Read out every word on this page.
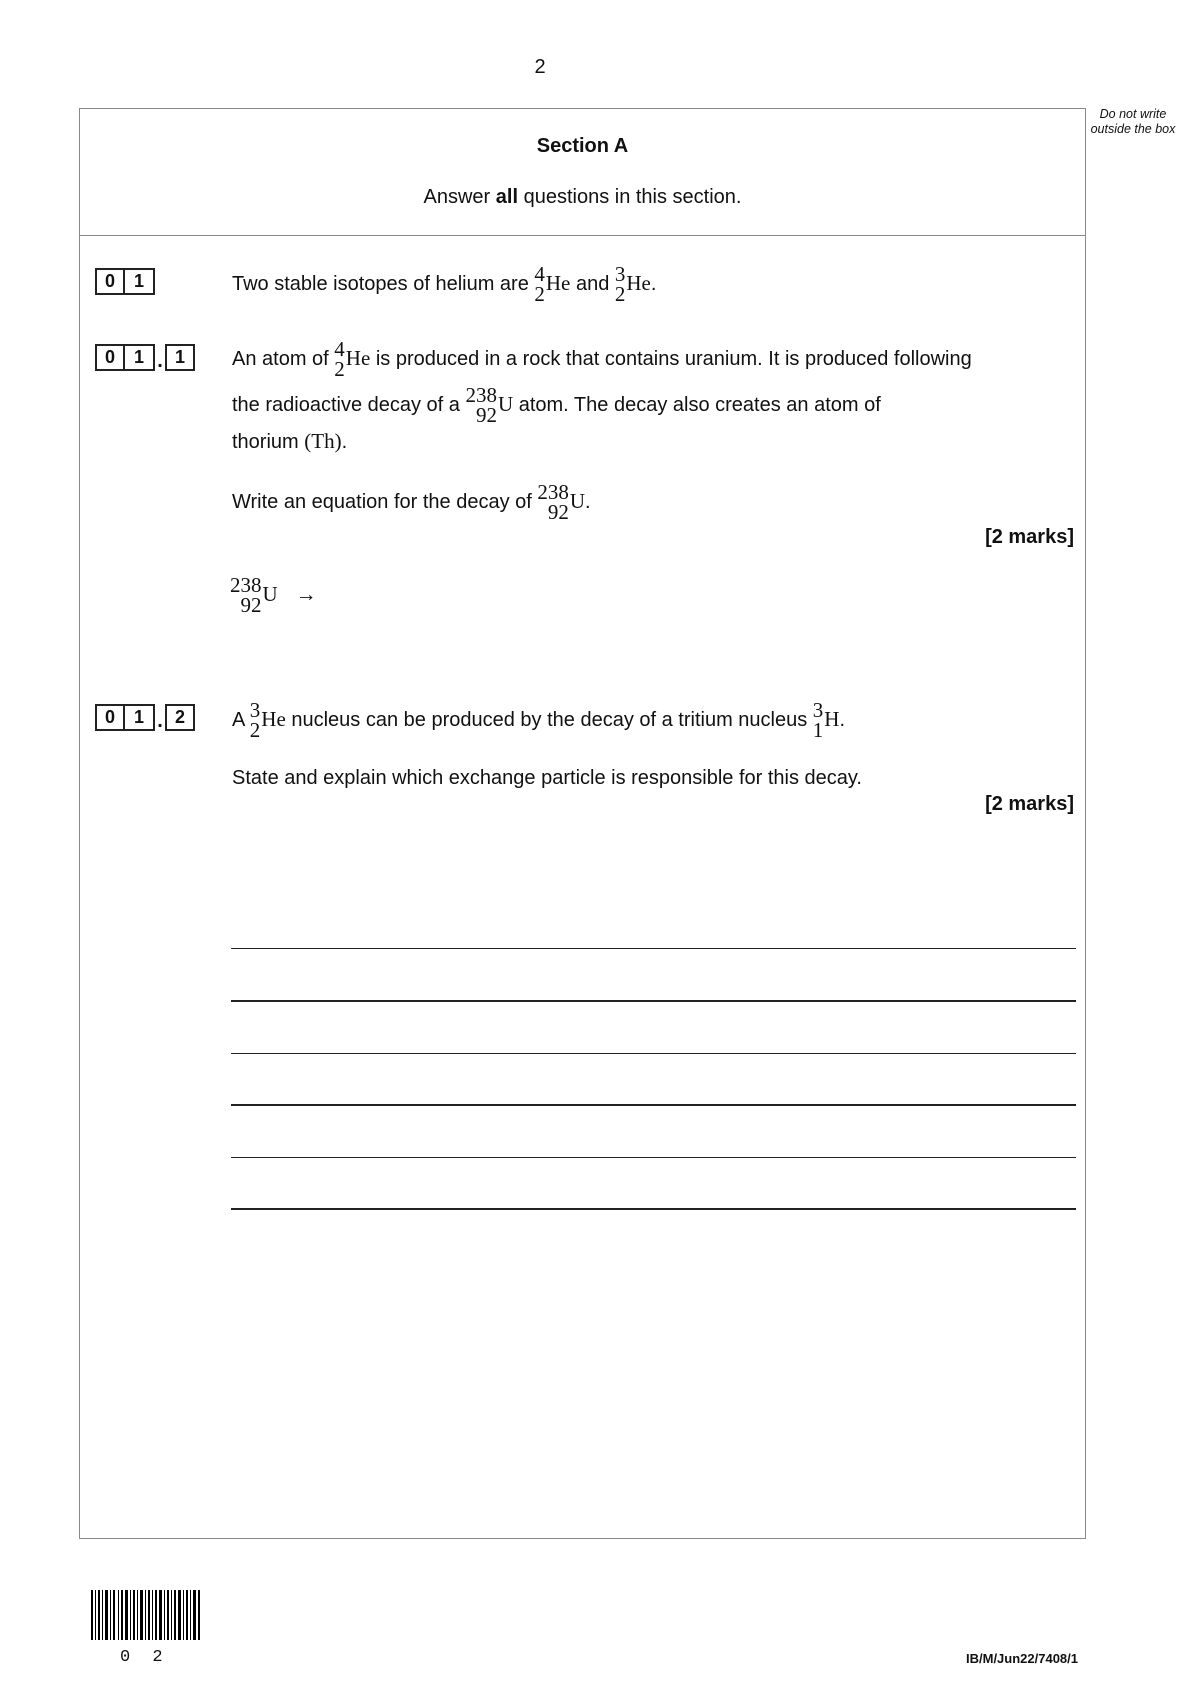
2
Do not write outside the box
Section A
Answer all questions in this section.
0	1	Two stable isotopes of helium are 4
2 He and 3
2 He.
0	1 . 1	An atom of 4
2 He is produced in a rock that contains uranium. It is produced following
the radioactive decay of a 238
92 U atom. The decay also creates an atom of
thorium (Th).
Write an equation for the decay of 238
92 U.
[2 marks]
238
92 U →
0	1 . 2	A 3
2 He nucleus can be produced by the decay of a tritium nucleus 3
1 H.
State and explain which exchange particle is responsible for this decay.
[2 marks]
0 2	IB/M/Jun22/7408/1
